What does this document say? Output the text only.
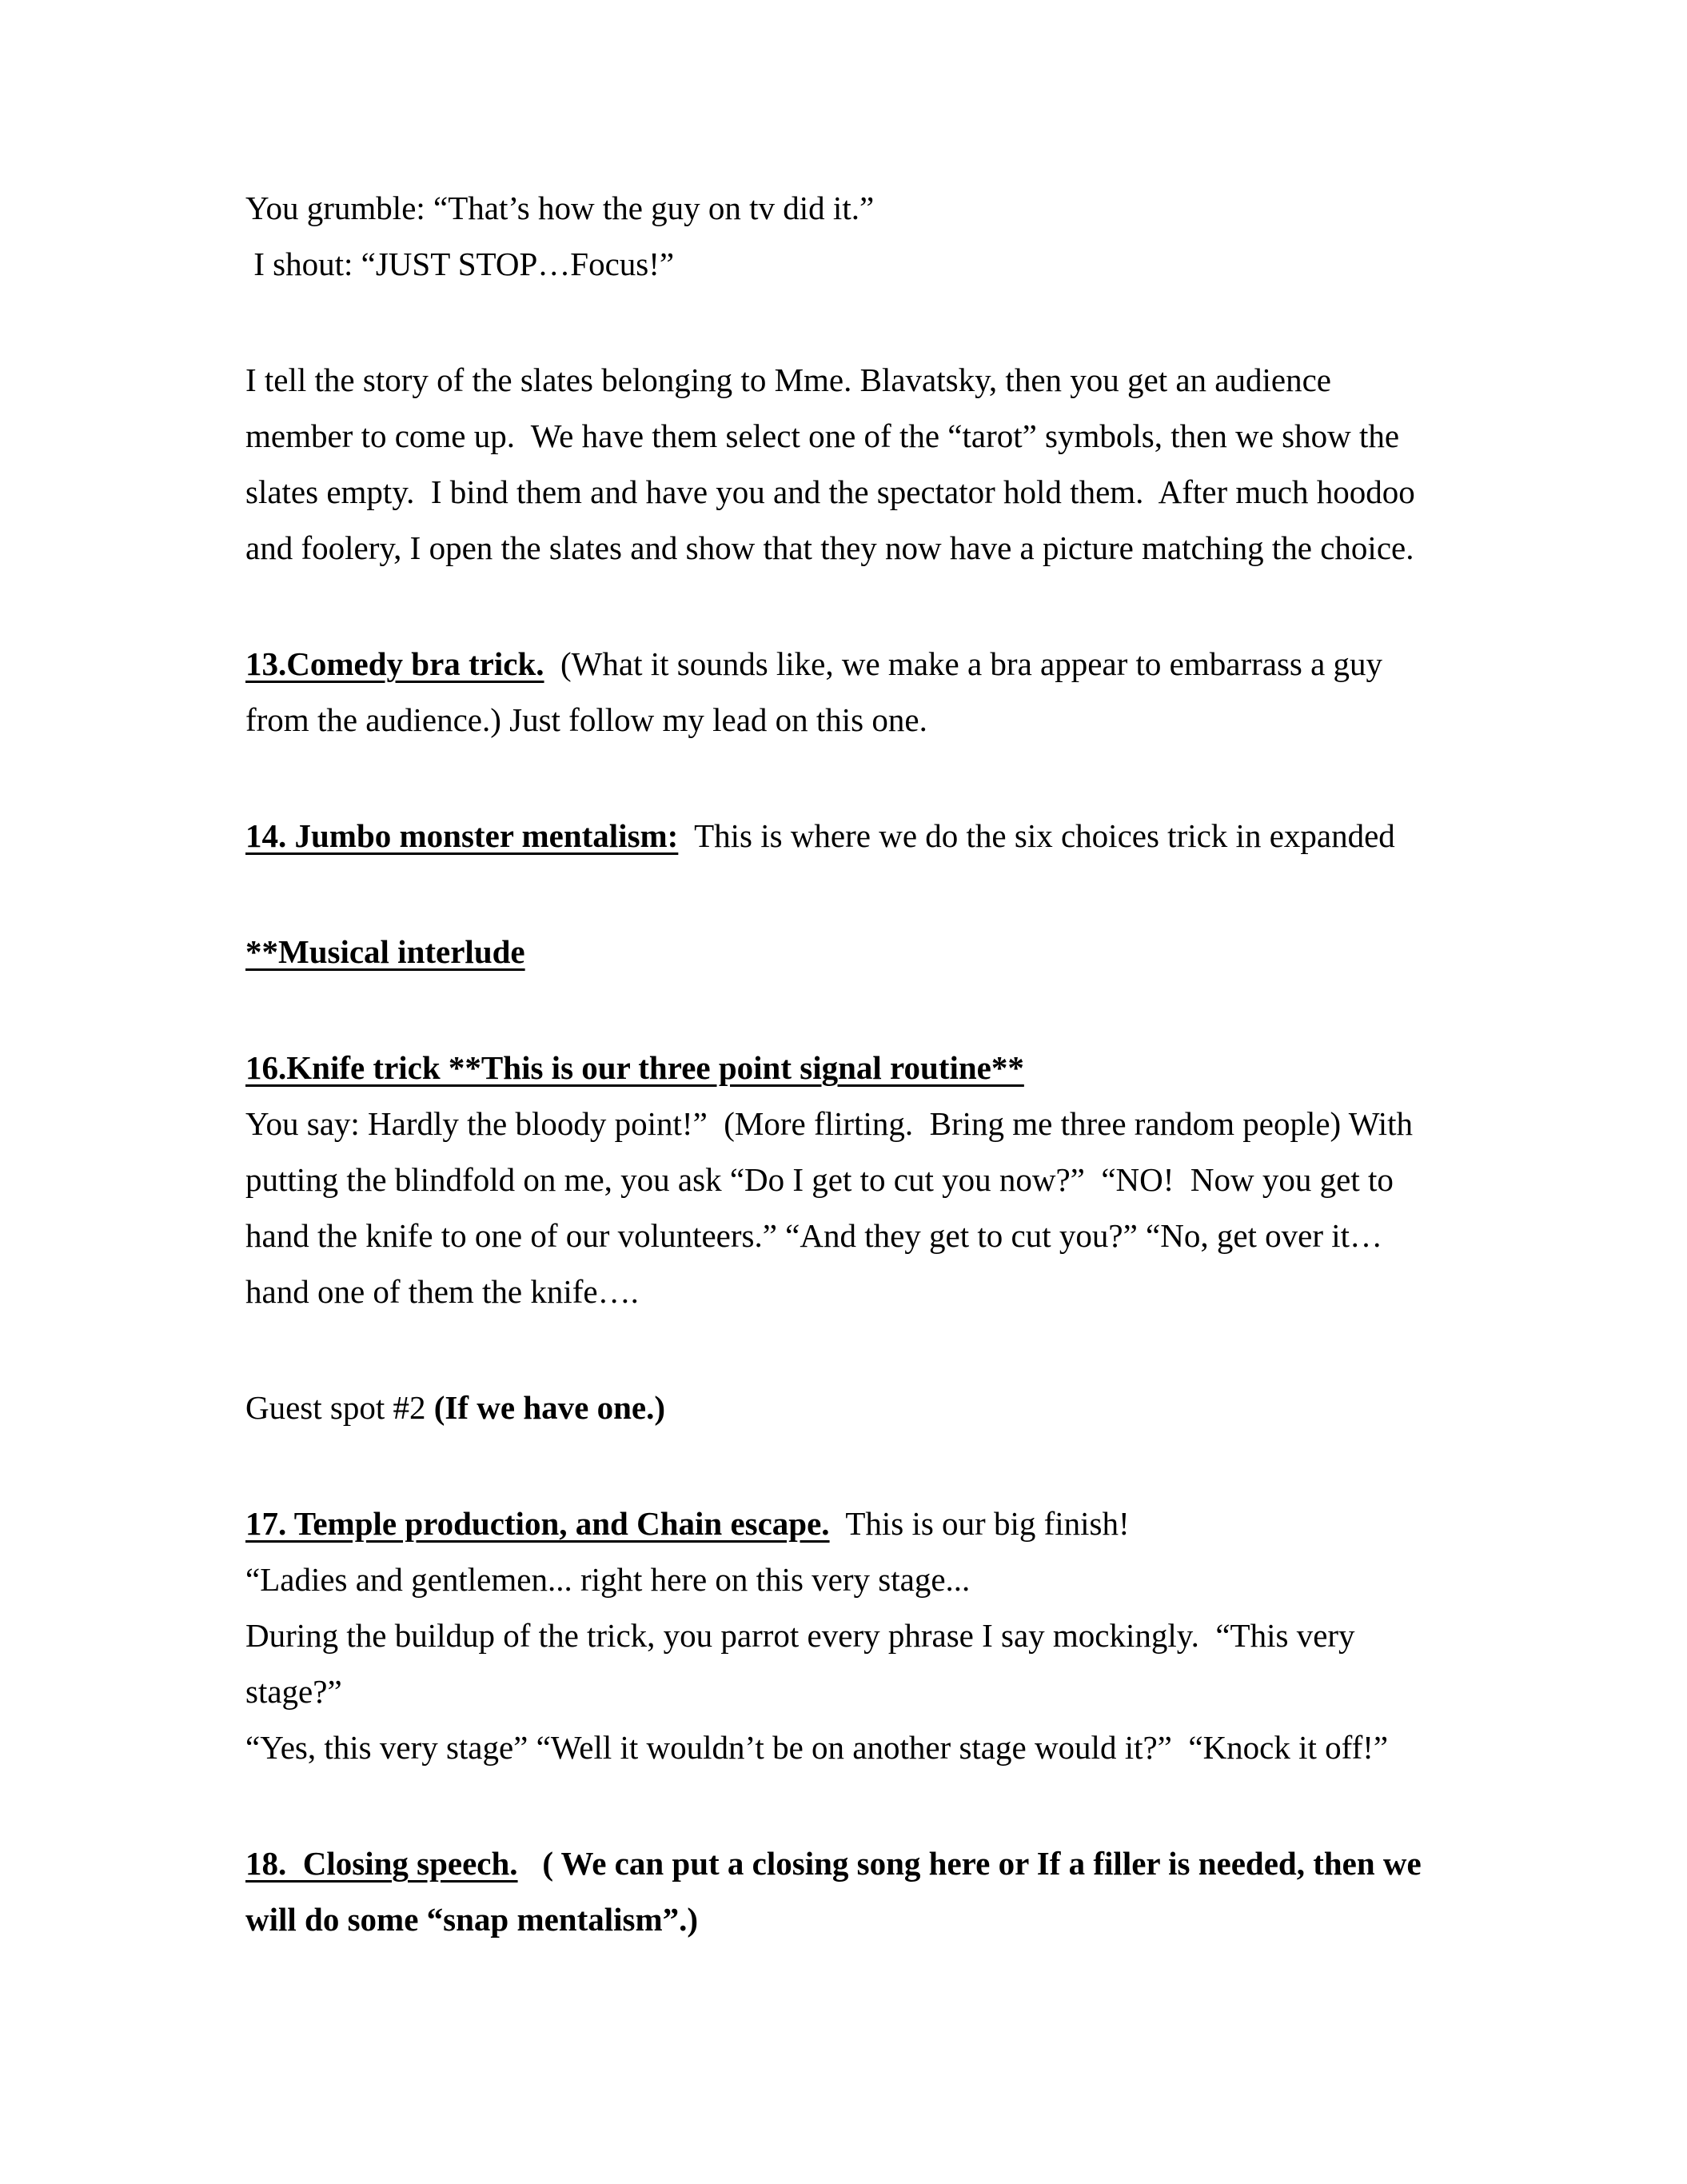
You grumble: “That’s how the guy on tv did it.”
I shout: “JUST STOP…Focus!”
I tell the story of the slates belonging to Mme. Blavatsky, then you get an audience
member to come up.  We have them select one of the “tarot” symbols, then we show the
slates empty.  I bind them and have you and the spectator hold them.  After much hoodoo
and foolery, I open the slates and show that they now have a picture matching the choice.
13.Comedy bra trick.  (What it sounds like, we make a bra appear to embarrass a guy
from the audience.) Just follow my lead on this one.
14. Jumbo monster mentalism:  This is where we do the six choices trick in expanded
**Musical interlude
16.Knife trick **This is our three point signal routine**
You say: Hardly the bloody point!”  (More flirting.  Bring me three random people) With
putting the blindfold on me, you ask “Do I get to cut you now?”  “NO!  Now you get to
hand the knife to one of our volunteers.” “And they get to cut you?” “No, get over it…
hand one of them the knife….
Guest spot #2 (If we have one.)
17. Temple production, and Chain escape.  This is our big finish!
“Ladies and gentlemen... right here on this very stage...
During the buildup of the trick, you parrot every phrase I say mockingly.  “This very
stage?”
“Yes, this very stage” “Well it wouldn’t be on another stage would it?”  “Knock it off!”
18.  Closing speech.   ( We can put a closing song here or If a filler is needed, then we
will do some “snap mentalism”.)
